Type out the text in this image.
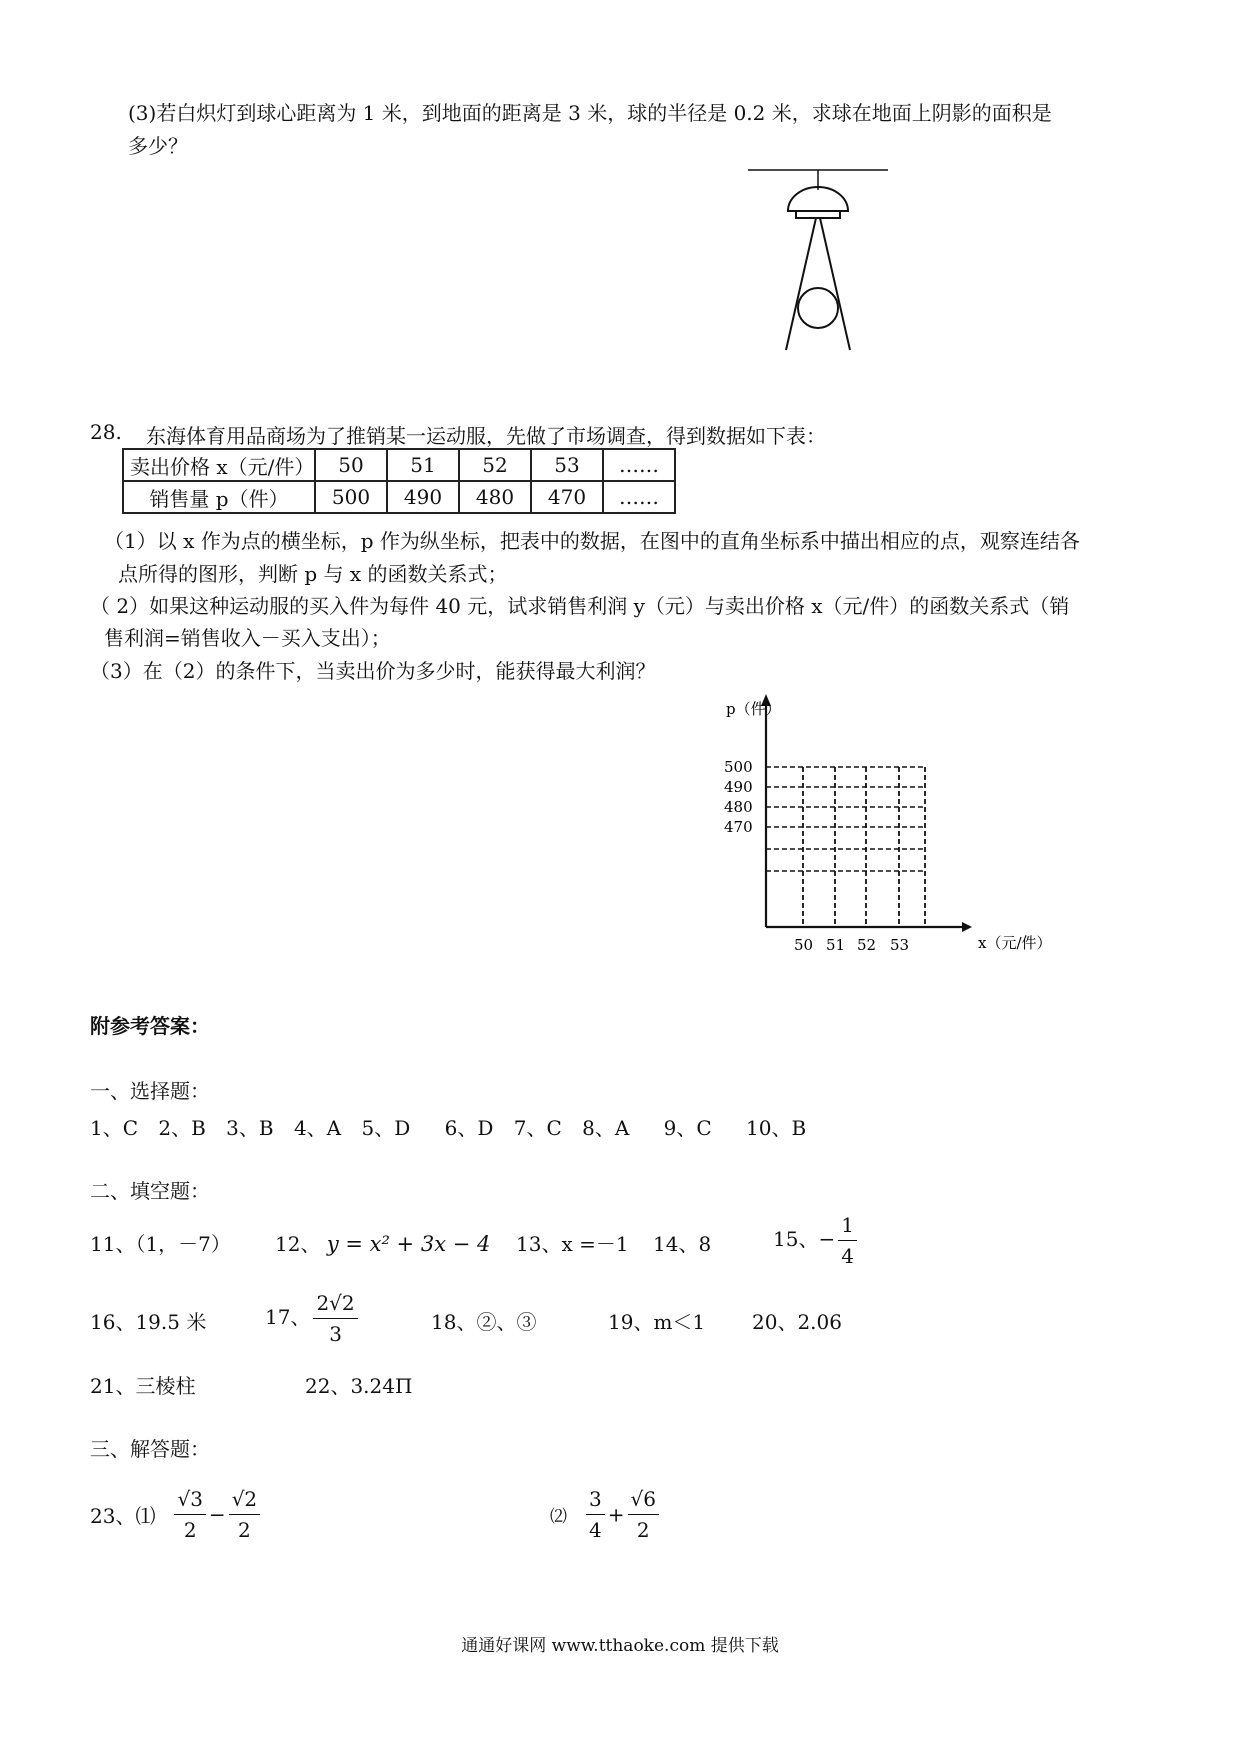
(3)若白炽灯到球心距离为 1 米，到地面的距离是 3 米，球的半径是 0.2 米，求球在地面上阴影的面积是
多少？
28. 东海体育用品商场为了推销某一运动服，先做了市场调查，得到数据如下表：
卖出价格 x（元/件）	50	51	52	53	……
销售量 p（件）	500	490	480	470	……
（1）以 x 作为点的横坐标，p 作为纵坐标，把表中的数据，在图中的直角坐标系中描出相应的点，观察连结各
点所得的图形，判断 p 与 x 的函数关系式；
（ 2）如果这种运动服的买入件为每件 40 元，试求销售利润 y（元）与卖出价格 x（元/件）的函数关系式（销
售利润=销售收入－买入支出）；
（3）在（2）的条件下，当卖出价为多少时，能获得最大利润？
50 51 52 53
500
490
480
470
p（件）
x（元/件）
附参考答案：
一、选择题：
1、C 2、B 3、B 4、A 5、D 6、D 7、C 8、A 9、C 10、B
二、填空题：
11、（1，－7） 12、 y = x² + 3x − 4 13、x =－1 14、8	15、− $\frac{1}{4}$
16、19.5 米	17、 $\frac{2√2}{3}$	18、②、③	19、m＜1 20、2.06
21、三棱柱	22、3.24Π
三、解答题：
23、⑴ $\frac{√3}{2} - \frac{√2}{2}$	⑵ $\frac{3}{4} + \frac{√6}{2}$
通通好课网 www.tthaoke.com 提供下载
